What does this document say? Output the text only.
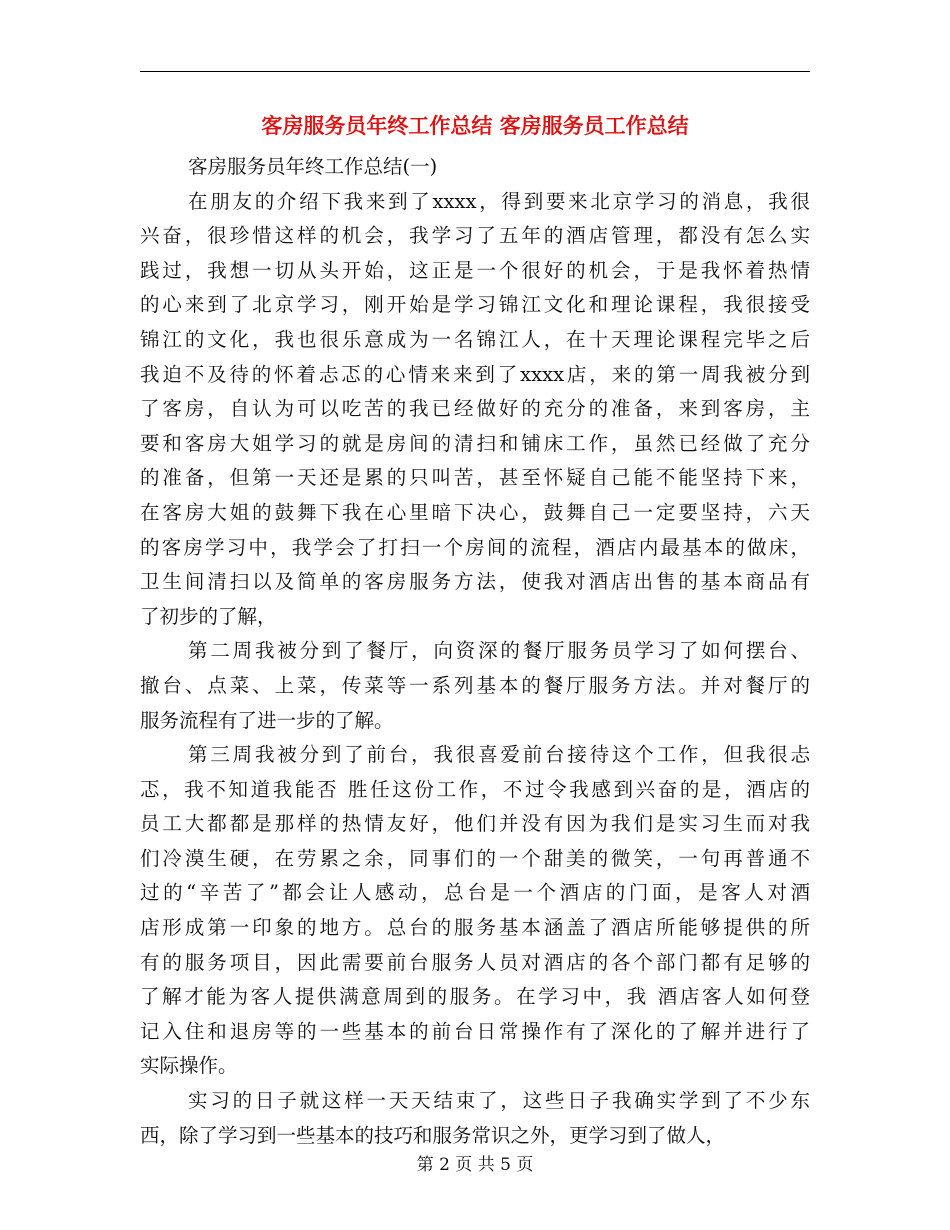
客房服务员年终工作总结 客房服务员工作总结
客房服务员年终工作总结(一)

在朋友的介绍下我来到了xxxx，得到要来北京学习的消息，我很
兴奋，很珍惜这样的机会，我学习了五年的酒店管理，都没有怎么实
践过，我想一切从头开始，这正是一个很好的机会，于是我怀着热情
的心来到了北京学习，刚开始是学习锦江文化和理论课程，我很接受
锦江的文化，我也很乐意成为一名锦江人，在十天理论课程完毕之后
我迫不及待的怀着忐忑的心情来来到了xxxx店，来的第一周我被分到
了客房，自认为可以吃苦的我已经做好的充分的准备，来到客房，主
要和客房大姐学习的就是房间的清扫和铺床工作，虽然已经做了充分
的准备，但第一天还是累的只叫苦，甚至怀疑自己能不能坚持下来，
在客房大姐的鼓舞下我在心里暗下决心，鼓舞自己一定要坚持，六天
的客房学习中，我学会了打扫一个房间的流程，酒店内最基本的做床，
卫生间清扫以及简单的客房服务方法，使我对酒店出售的基本商品有
了初步的了解，

第二周我被分到了餐厅，向资深的餐厅服务员学习了如何摆台、
撤台、点菜、上菜，传菜等一系列基本的餐厅服务方法。并对餐厅的
服务流程有了进一步的了解。

第三周我被分到了前台，我很喜爱前台接待这个工作，但我很忐
忑，我不知道我能否 胜任这份工作，不过令我感到兴奋的是，酒店的
员工大都都是那样的热情友好，他们并没有因为我们是实习生而对我
们冷漠生硬，在劳累之余，同事们的一个甜美的微笑，一句再普通不
过的“辛苦了”都会让人感动，总台是一个酒店的门面，是客人对酒
店形成第一印象的地方。总台的服务基本涵盖了酒店所能够提供的所
有的服务项目，因此需要前台服务人员对酒店的各个部门都有足够的
了解才能为客人提供满意周到的服务。在学习中，我 酒店客人如何登
记入住和退房等的一些基本的前台日常操作有了深化的了解并进行了
实际操作。

实习的日子就这样一天天结束了，这些日子我确实学到了不少东
西，除了学习到一些基本的技巧和服务常识之外，更学习到了做人，

第 2 页 共 5 页
